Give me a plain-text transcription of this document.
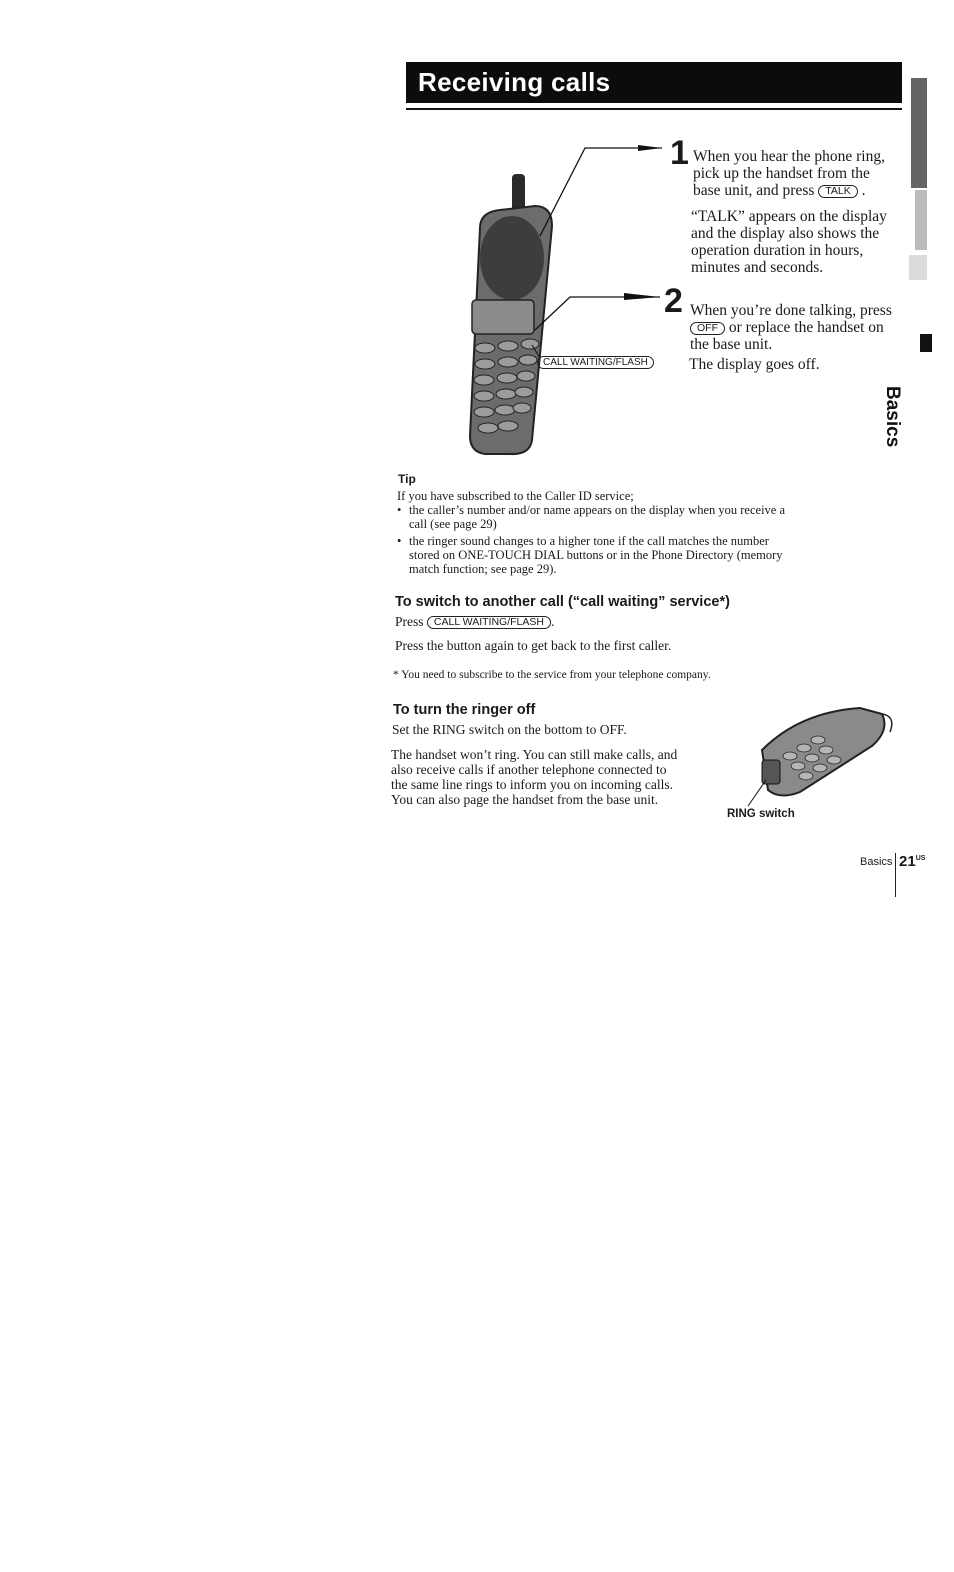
Receiving calls
CALL WAITING/FLASH
1 When you hear the phone ring,
pick up the handset from the
base unit, and press TALK .
“TALK” appears on the display
and the display also shows the
operation duration in hours,
minutes and seconds.
2 When you’re done talking, press
OFF or replace the handset on
the base unit.
The display goes off.
Basics
Tip
If you have subscribed to the Caller ID service;
• the caller’s number and/or name appears on the display when you receive a
call (see page 29)
• the ringer sound changes to a higher tone if the call matches the number
stored on ONE-TOUCH DIAL buttons or in the Phone Directory (memory
match function; see page 29).
To switch to another call (“call waiting” service*)
Press CALL WAITING/FLASH .
Press the button again to get back to the first caller.
* You need to subscribe to the service from your telephone company.
To turn the ringer off
Set the RING switch on the bottom to OFF.
The handset won’t ring. You can still make calls, and
also receive calls if another telephone connected to
the same line rings to inform you on incoming calls.
You can also page the handset from the base unit.
RING switch
Basics $21^{US}$
